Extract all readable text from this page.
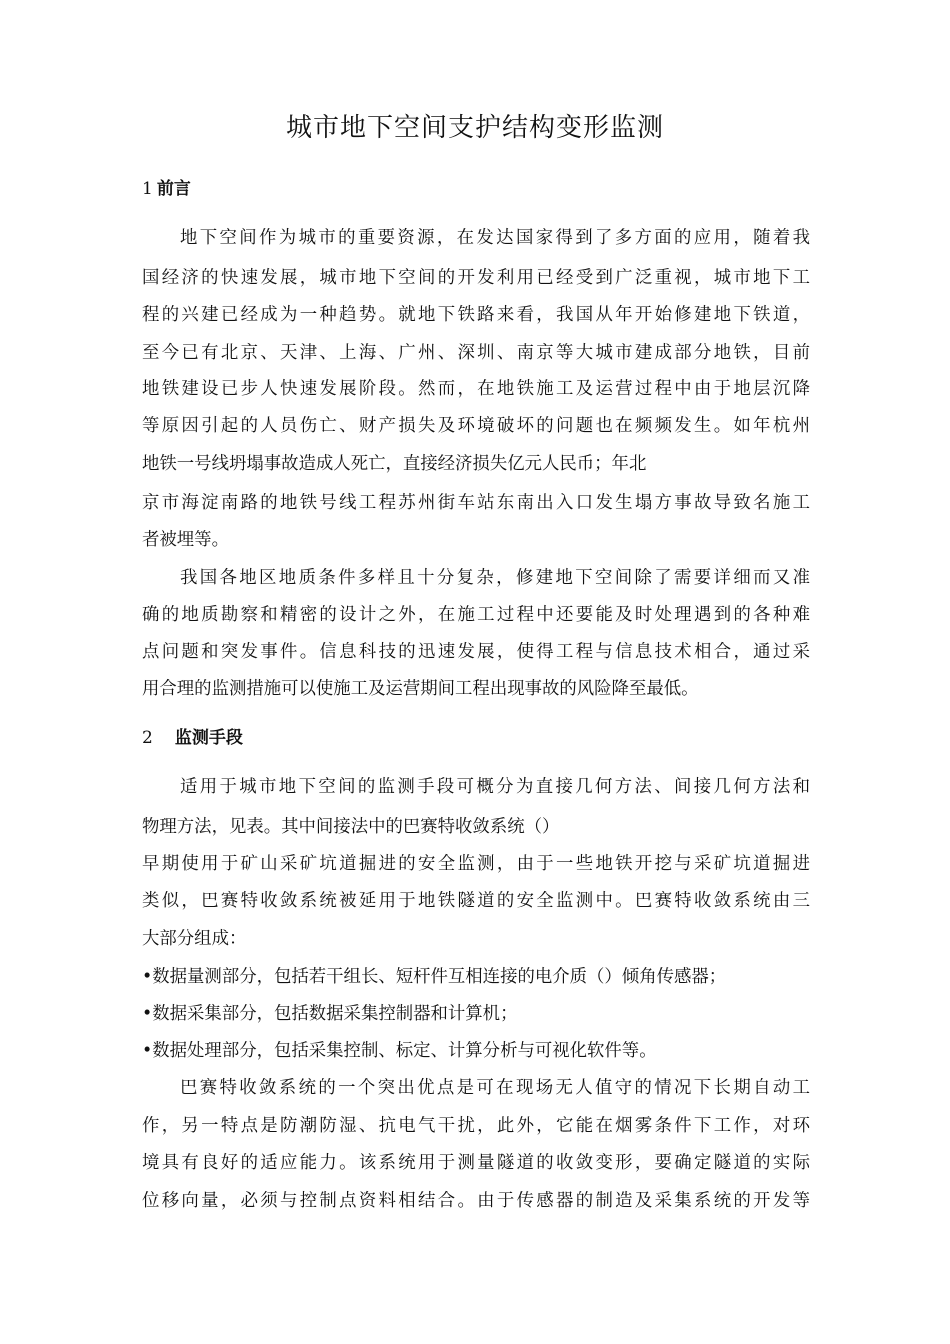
城市地下空间支护结构变形监测
1 前言
地下空间作为城市的重要资源，在发达国家得到了多方面的应用，随着我
国经济的快速发展，城市地下空间的开发利用已经受到广泛重视，城市地下工
程的兴建已经成为一种趋势。就地下铁路来看，我国从年开始修建地下铁道，
至今已有北京、天津、上海、广州、深圳、南京等大城市建成部分地铁，目前
地铁建设已步人快速发展阶段。然而，在地铁施工及运营过程中由于地层沉降
等原因引起的人员伤亡、财产损失及环境破坏的问题也在频频发生。如年杭州
地铁一号线坍塌事故造成人死亡，直接经济损失亿元人民币；年北
京市海淀南路的地铁号线工程苏州街车站东南出入口发生塌方事故导致名施工
者被埋等。
我国各地区地质条件多样且十分复杂，修建地下空间除了需要详细而又准
确的地质勘察和精密的设计之外，在施工过程中还要能及时处理遇到的各种难
点问题和突发事件。信息科技的迅速发展，使得工程与信息技术相合，通过采
用合理的监测措施可以使施工及运营期间工程出现事故的风险降至最低。
2 监测手段
适用于城市地下空间的监测手段可概分为直接几何方法、间接几何方法和
物理方法，见表。其中间接法中的巴赛特收敛系统（）
早期使用于矿山采矿坑道掘进的安全监测，由于一些地铁开挖与采矿坑道掘进
类似，巴赛特收敛系统被延用于地铁隧道的安全监测中。巴赛特收敛系统由三
大部分组成：
•数据量测部分，包括若干组长、短杆件互相连接的电介质（）倾角传感器；
•数据采集部分，包括数据采集控制器和计算机；
•数据处理部分，包括采集控制、标定、计算分析与可视化软件等。
巴赛特收敛系统的一个突出优点是可在现场无人值守的情况下长期自动工
作，另一特点是防潮防湿、抗电气干扰，此外，它能在烟雾条件下工作，对环
境具有良好的适应能力。该系统用于测量隧道的收敛变形，要确定隧道的实际
位移向量，必须与控制点资料相结合。由于传感器的制造及采集系统的开发等
